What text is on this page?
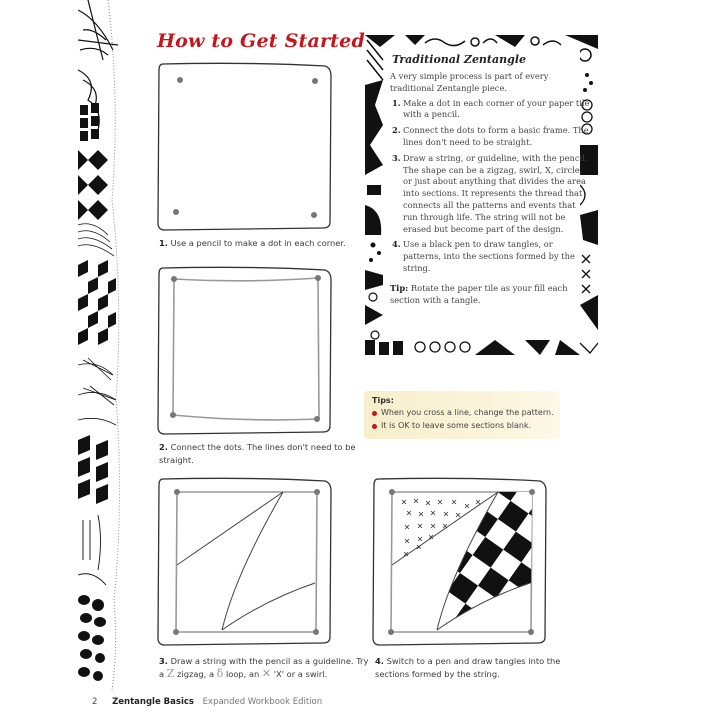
How to Get Started
1. Use a pencil to make a dot in each corner.
2. Connect the dots. The lines don't need to be straight.
3. Draw a string with the pencil as a guideline. Try a Z zigzag, a δ loop, an ✕ 'X' or a swirl.
4. Switch to a pen and draw tangles into the sections formed by the string.
Traditional Zentangle

A very simple process is part of every traditional Zentangle piece.

1. Make a dot in each corner of your paper tile with a pencil.
2. Connect the dots to form a basic frame. The lines don't need to be straight.
3. Draw a string, or guideline, with the pencil. The shape can be a zigzag, swirl, X, circle, or just about anything that divides the area into sections. It represents the thread that connects all the patterns and events that run through life. The string will not be erased but become part of the design.
4. Use a black pen to draw tangles, or patterns, into the sections formed by the string.

Tip: Rotate the paper tile as your fill each section with a tangle.

Tips:
When you cross a line, change the pattern.
It is OK to leave some sections blank.
2 Zentangle Basics Expanded Workbook Edition
